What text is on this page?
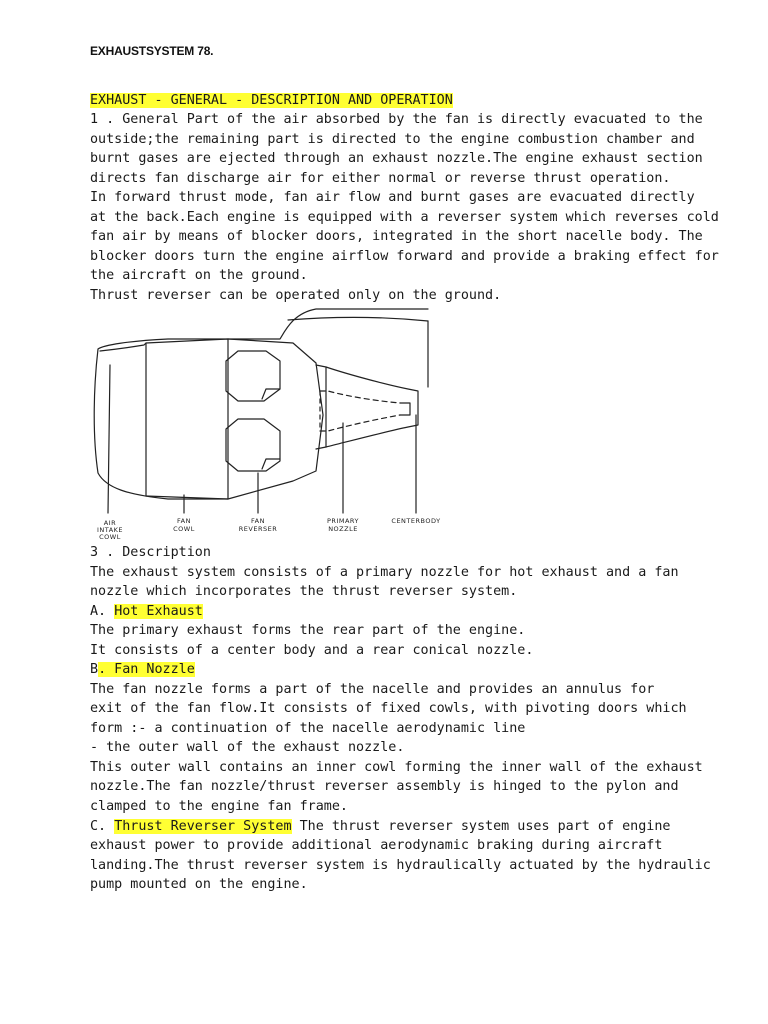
EXHAUSTSYSTEM 78.
EXHAUST - GENERAL - DESCRIPTION AND OPERATION
1 . General Part of the air absorbed by the fan is directly evacuated to the
outside;the remaining part is directed to the engine combustion chamber and
burnt gases are ejected through an exhaust nozzle.The engine exhaust section
directs fan discharge air for either normal or reverse thrust operation.
In forward thrust mode, fan air flow and burnt gases are evacuated directly
at the back.Each engine is equipped with a reverser system which reverses cold
fan air by means of blocker doors, integrated in the short nacelle body. The
blocker doors turn the engine airflow forward and provide a braking effect for
the aircraft on the ground.
Thrust reverser can be operated only on the ground.
AIR
INTAKE
COWL
FAN
COWL
FAN
REVERSER
PRIMARY
NOZZLE
CENTERBODY
3 . Description
The exhaust system consists of a primary nozzle for hot exhaust and a fan
nozzle which incorporates the thrust reverser system.
A. Hot Exhaust
The primary exhaust forms the rear part of the engine.
It consists of a center body and a rear conical nozzle.
B. Fan Nozzle
The fan nozzle forms a part of the nacelle and provides an annulus for
exit of the fan flow.It consists of fixed cowls, with pivoting doors which
form :- a continuation of the nacelle aerodynamic line
- the outer wall of the exhaust nozzle.
This outer wall contains an inner cowl forming the inner wall of the exhaust
nozzle.The fan nozzle/thrust reverser assembly is hinged to the pylon and
clamped to the engine fan frame.
C. Thrust Reverser System The thrust reverser system uses part of engine
exhaust power to provide additional aerodynamic braking during aircraft
landing.The thrust reverser system is hydraulically actuated by the hydraulic
pump mounted on the engine.
